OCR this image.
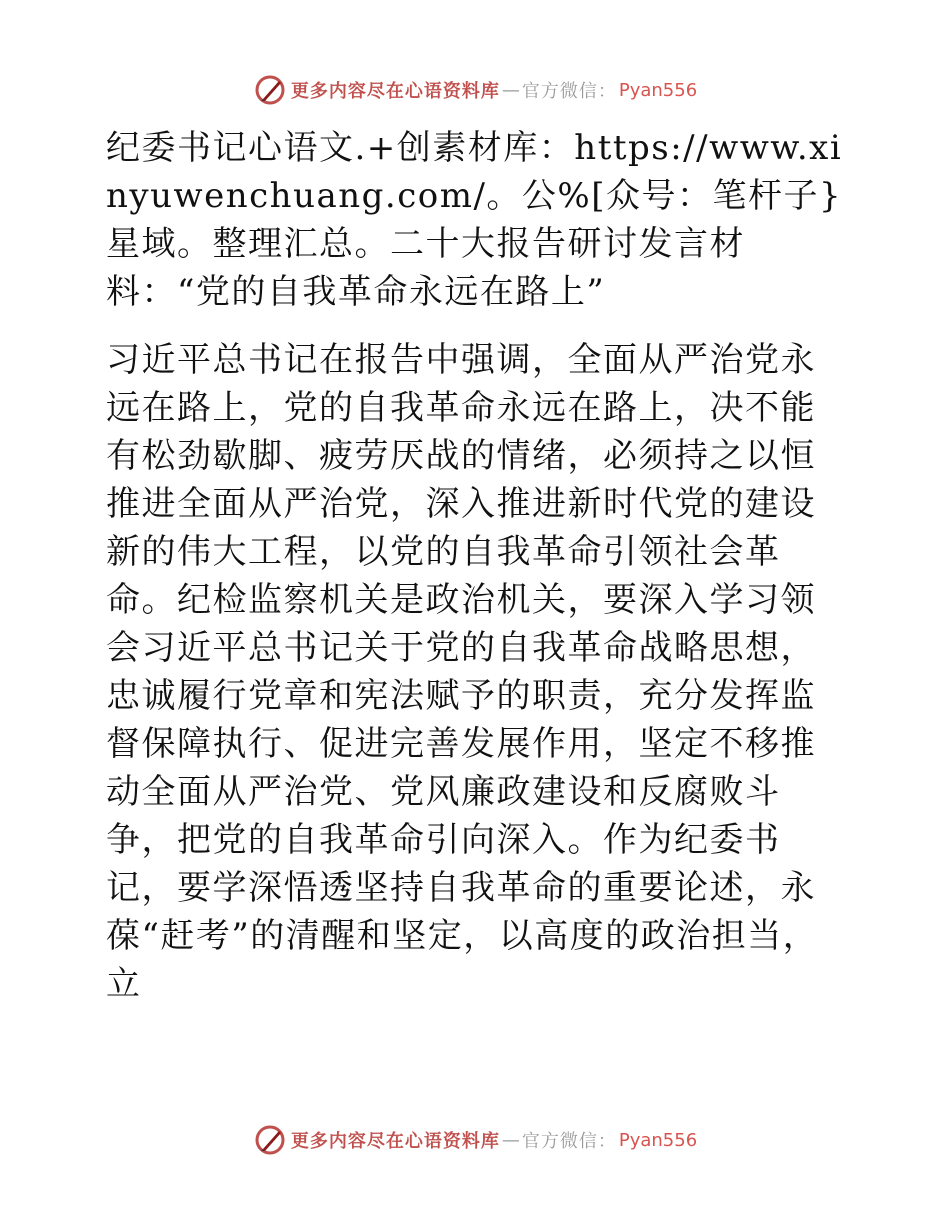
更多内容尽在心语资料库 — 官方微信： Pyan556

纪委书记心语文.+创素材库：https://www.xinyuwenchuang.com/。公%[众号：笔杆子}星域。整理汇总。二十大报告研讨发言材料：“党的自我革命永远在路上”

习近平总书记在报告中强调，全面从严治党永远在路上，党的自我革命永远在路上，决不能有松劲歇脚、疲劳厌战的情绪，必须持之以恒推进全面从严治党，深入推进新时代党的建设新的伟大工程，以党的自我革命引领社会革命。纪检监察机关是政治机关，要深入学习领会习近平总书记关于党的自我革命战略思想，忠诚履行党章和宪法赋予的职责，充分发挥监督保障执行、促进完善发展作用，坚定不移推动全面从严治党、党风廉政建设和反腐败斗争，把党的自我革命引向深入。作为纪委书记，要学深悟透坚持自我革命的重要论述，永葆“赶考”的清醒和坚定，以高度的政治担当，立

更多内容尽在心语资料库 — 官方微信： Pyan556
